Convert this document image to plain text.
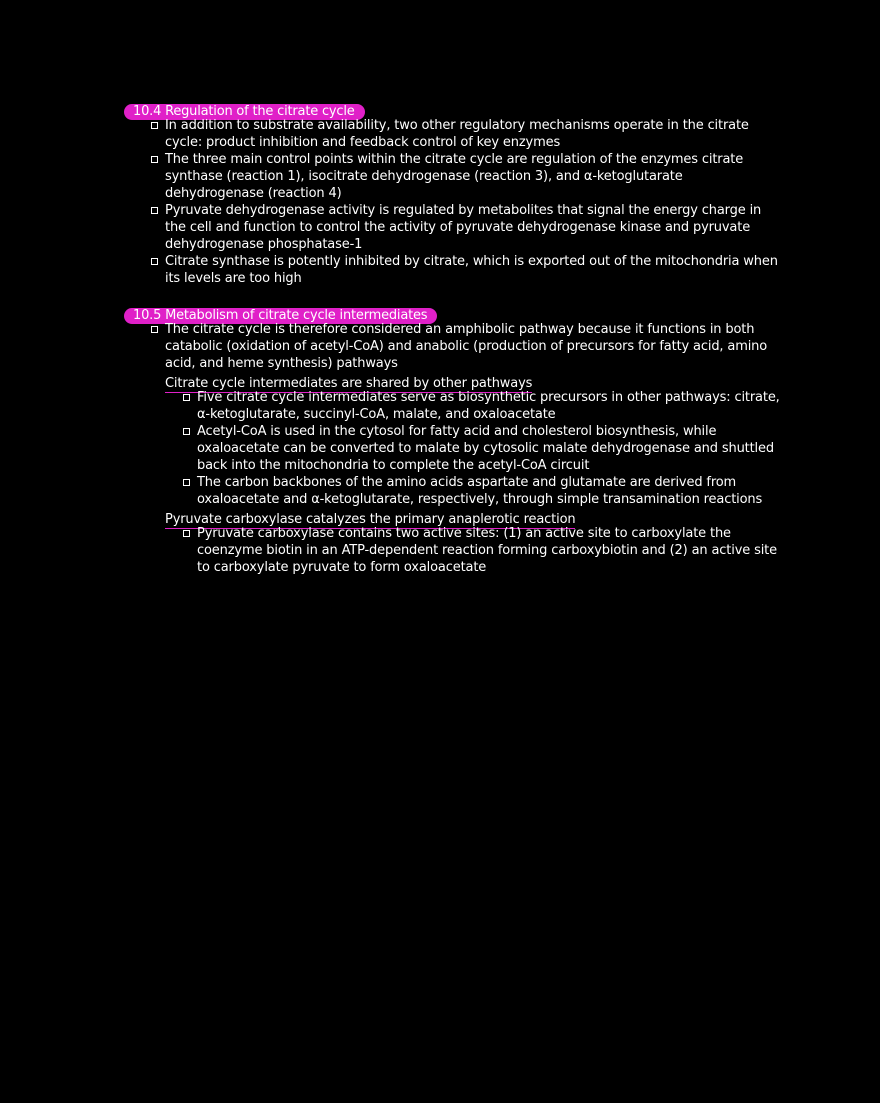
10.4 Regulation of the citrate cycle
In addition to substrate availability, two other regulatory mechanisms operate in the citrate cycle: product inhibition and feedback control of key enzymes
The three main control points within the citrate cycle are regulation of the enzymes citrate synthase (reaction 1), isocitrate dehydrogenase (reaction 3), and α-ketoglutarate dehydrogenase (reaction 4)
Pyruvate dehydrogenase activity is regulated by metabolites that signal the energy charge in the cell and function to control the activity of pyruvate dehydrogenase kinase and pyruvate dehydrogenase phosphatase-1
Citrate synthase is potently inhibited by citrate, which is exported out of the mitochondria when its levels are too high
10.5 Metabolism of citrate cycle intermediates
The citrate cycle is therefore considered an amphibolic pathway because it functions in both catabolic (oxidation of acetyl-CoA) and anabolic (production of precursors for fatty acid, amino acid, and heme synthesis) pathways
Citrate cycle intermediates are shared by other pathways
Five citrate cycle intermediates serve as biosynthetic precursors in other pathways: citrate, α-ketoglutarate, succinyl-CoA, malate, and oxaloacetate
Acetyl-CoA is used in the cytosol for fatty acid and cholesterol biosynthesis, while oxaloacetate can be converted to malate by cytosolic malate dehydrogenase and shuttled back into the mitochondria to complete the acetyl-CoA circuit
The carbon backbones of the amino acids aspartate and glutamate are derived from oxaloacetate and α-ketoglutarate, respectively, through simple transamination reactions
Pyruvate carboxylase catalyzes the primary anaplerotic reaction
Pyruvate carboxylase contains two active sites: (1) an active site to carboxylate the coenzyme biotin in an ATP-dependent reaction forming carboxybiotin and (2) an active site to carboxylate pyruvate to form oxaloacetate
